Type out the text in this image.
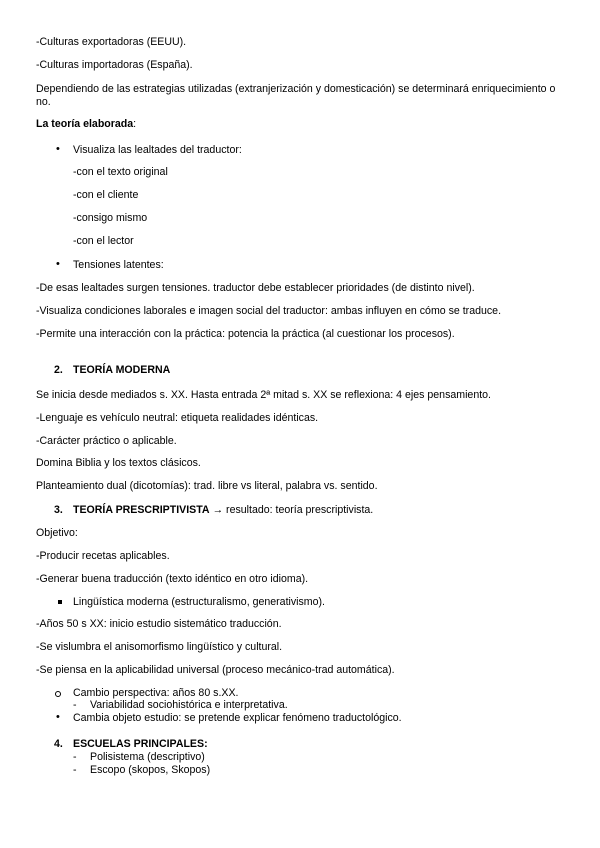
-Culturas exportadoras (EEUU).
-Culturas importadoras (España).
Dependiendo de las estrategias utilizadas (extranjerización y domesticación) se determinará enriquecimiento o no.
La teoría elaborada:
• Visualiza las lealtades del traductor:
-con el texto original
-con el cliente
-consigo mismo
-con el lector
• Tensiones latentes:
-De esas lealtades surgen tensiones. traductor debe establecer prioridades (de distinto nivel).
-Visualiza condiciones laborales e imagen social del traductor: ambas influyen en cómo se traduce.
-Permite una interacción con la práctica: potencia la práctica (al cuestionar los procesos).
2. TEORÍA MODERNA
Se inicia desde mediados s. XX. Hasta entrada 2ª mitad s. XX se reflexiona: 4 ejes pensamiento.
-Lenguaje es vehículo neutral: etiqueta realidades idénticas.
-Carácter práctico o aplicable.
Domina Biblia y los textos clásicos.
Planteamiento dual (dicotomías): trad. libre vs literal, palabra vs. sentido.
3. TEORÍA PRESCRIPTIVISTA → resultado: teoría prescriptivista.
Objetivo:
-Producir recetas aplicables.
-Generar buena traducción (texto idéntico en otro idioma).
Lingüística moderna (estructuralismo, generativismo).
-Años 50 s XX: inicio estudio sistemático traducción.
-Se vislumbra el anisomorfismo lingüístico y cultural.
-Se piensa en la aplicabilidad universal (proceso mecánico-trad automática).
Cambio perspectiva: años 80 s.XX.
- Variabilidad sociohistórica e interpretativa.
• Cambia objeto estudio: se pretende explicar fenómeno traductológico.
4. ESCUELAS PRINCIPALES:
- Polisistema (descriptivo)
- Escopo (skopos, Skopos)
